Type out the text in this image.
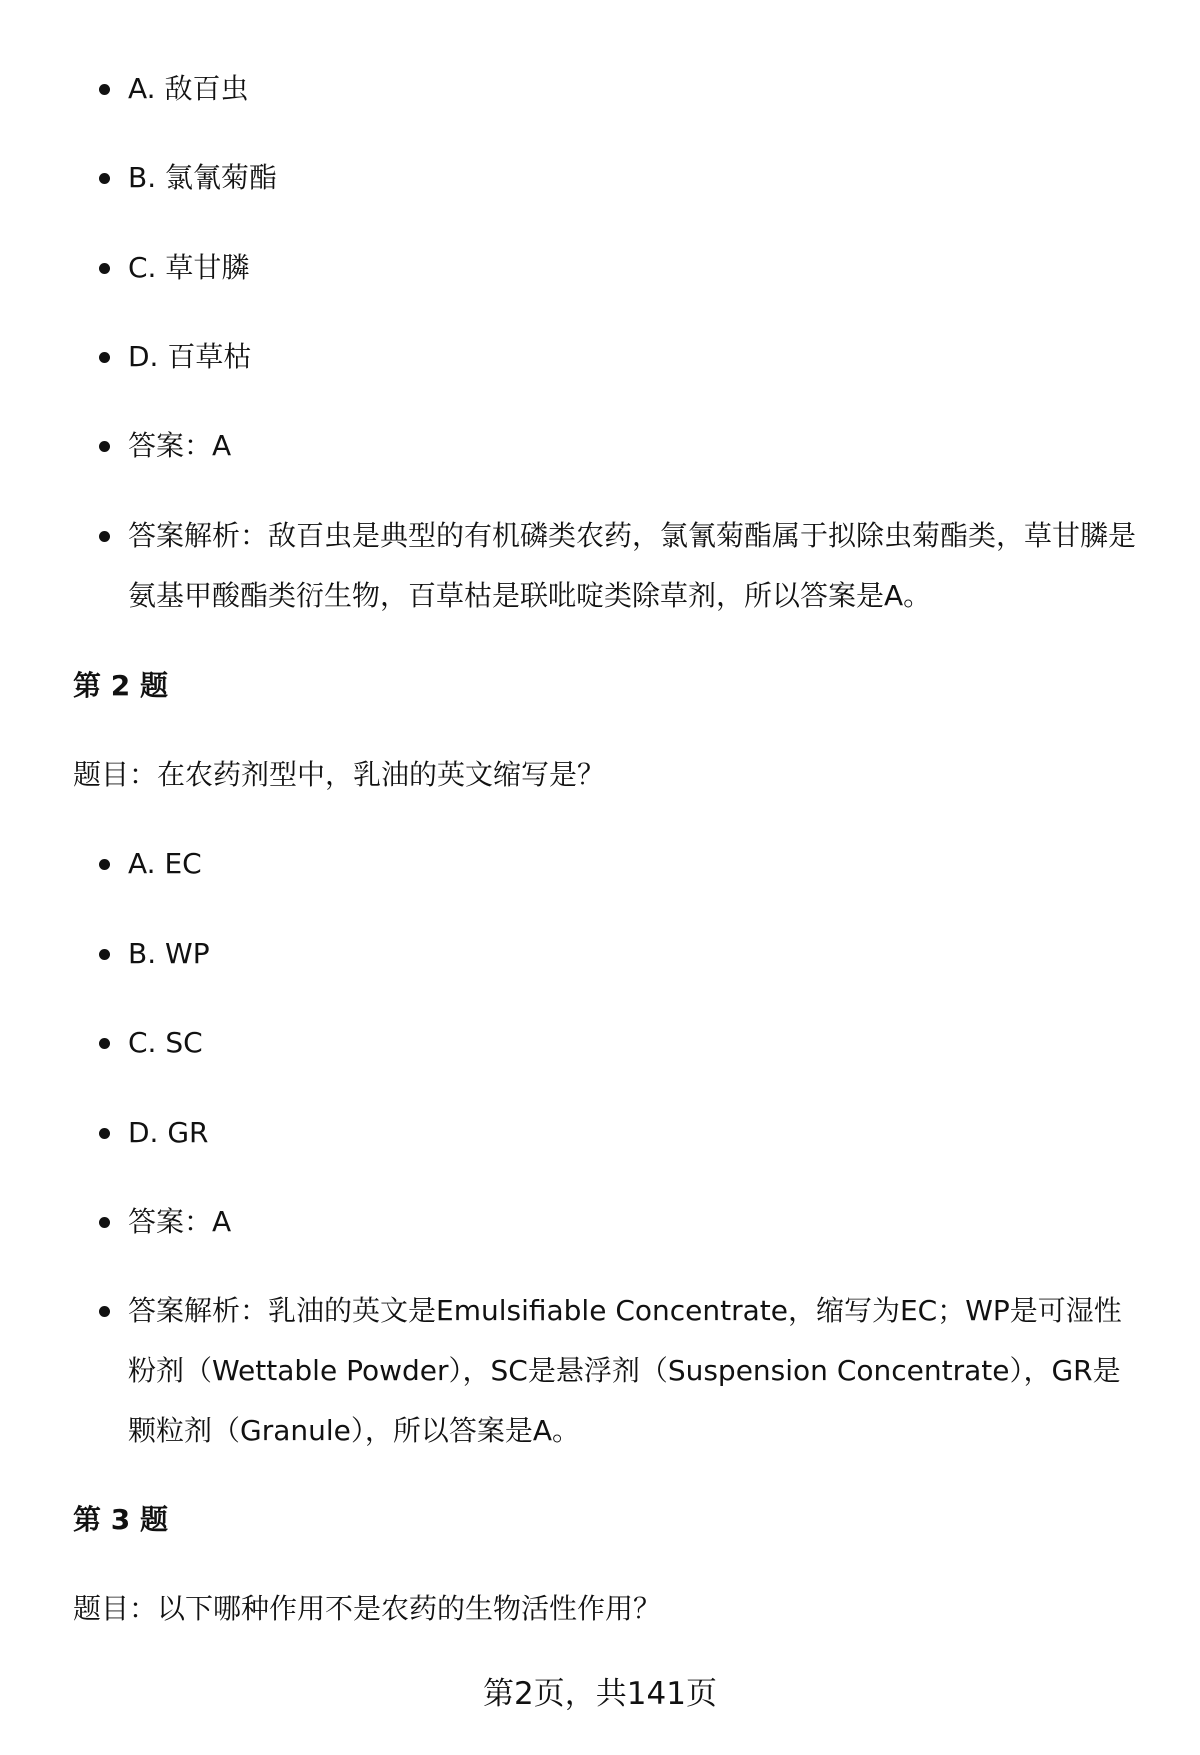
A. 敌百虫
B. 氯氰菊酯
C. 草甘膦
D. 百草枯
答案：A
答案解析：敌百虫是典型的有机磷类农药，氯氰菊酯属于拟除虫菊酯类，草甘膦是氨基甲酸酯类衍生物，百草枯是联吡啶类除草剂，所以答案是A。
第 2 题
题目：在农药剂型中，乳油的英文缩写是？
A. EC
B. WP
C. SC
D. GR
答案：A
答案解析：乳油的英文是Emulsifiable Concentrate，缩写为EC；WP是可湿性粉剂（Wettable Powder），SC是悬浮剂（Suspension Concentrate），GR是颗粒剂（Granule），所以答案是A。
第 3 题
题目：以下哪种作用不是农药的生物活性作用？
第2页，共141页
